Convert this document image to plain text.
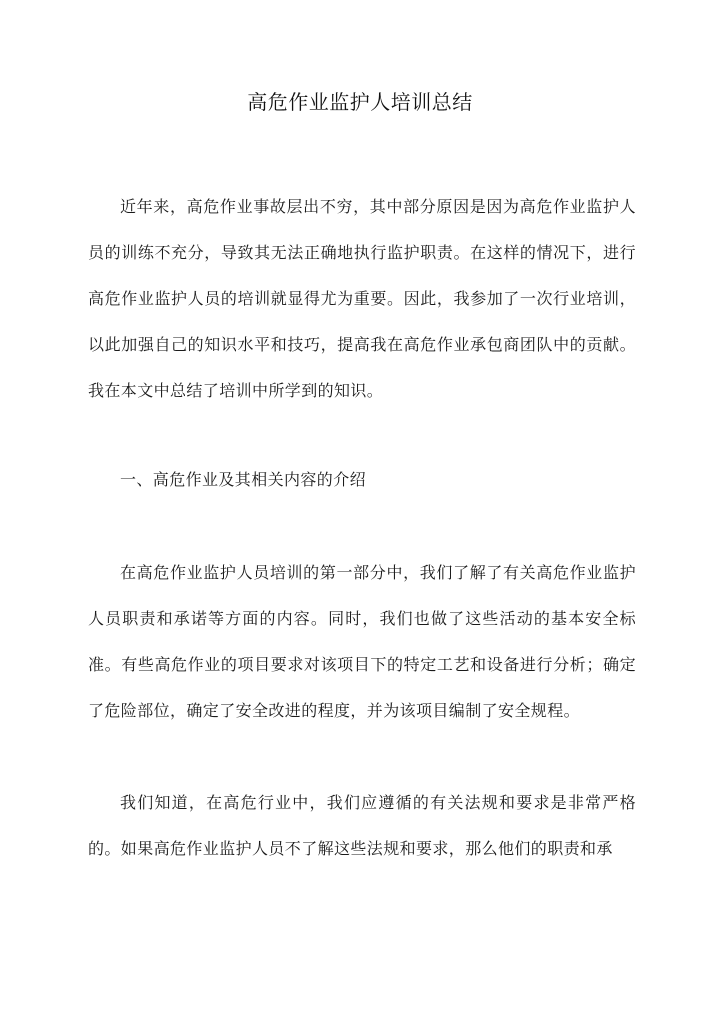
高危作业监护人培训总结

近年来，高危作业事故层出不穷，其中部分原因是因为高危作业监护人员的训练不充分，导致其无法正确地执行监护职责。在这样的情况下，进行高危作业监护人员的培训就显得尤为重要。因此，我参加了一次行业培训，以此加强自己的知识水平和技巧，提高我在高危作业承包商团队中的贡献。我在本文中总结了培训中所学到的知识。

一、高危作业及其相关内容的介绍

在高危作业监护人员培训的第一部分中，我们了解了有关高危作业监护人员职责和承诺等方面的内容。同时，我们也做了这些活动的基本安全标准。有些高危作业的项目要求对该项目下的特定工艺和设备进行分析；确定了危险部位，确定了安全改进的程度，并为该项目编制了安全规程。

我们知道，在高危行业中，我们应遵循的有关法规和要求是非常严格的。如果高危作业监护人员不了解这些法规和要求，那么他们的职责和承
